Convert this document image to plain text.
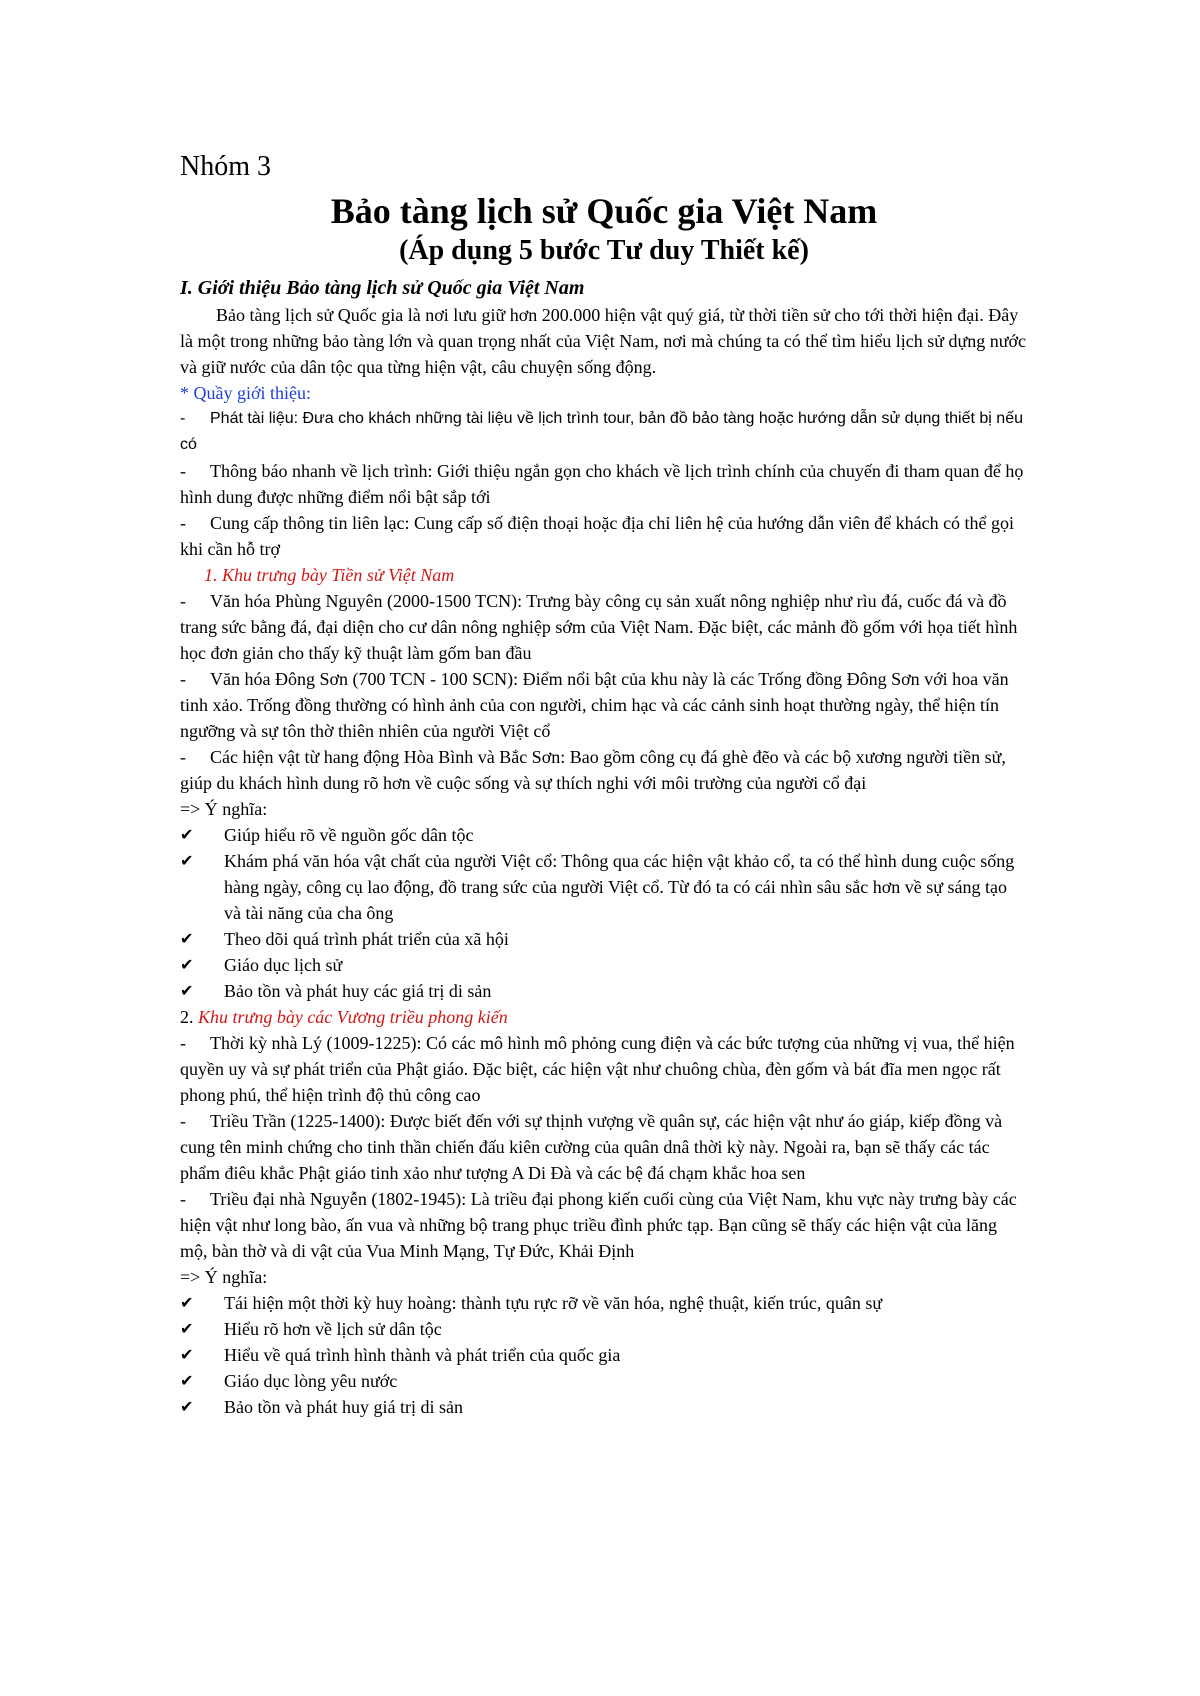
Nhóm 3

Bảo tàng lịch sử Quốc gia Việt Nam
(Áp dụng 5 bước Tư duy Thiết kế)

I. Giới thiệu Bảo tàng lịch sử Quốc gia Việt Nam

Bảo tàng lịch sử Quốc gia là nơi lưu giữ hơn 200.000 hiện vật quý giá, từ thời tiền sử cho tới thời hiện đại. Đây là một trong những bảo tàng lớn và quan trọng nhất của Việt Nam, nơi mà chúng ta có thể tìm hiểu lịch sử dựng nước và giữ nước của dân tộc qua từng hiện vật, câu chuyện sống động.

* Quầy giới thiệu:

- Phát tài liệu: Đưa cho khách những tài liệu về lịch trình tour, bản đồ bảo tàng hoặc hướng dẫn sử dụng thiết bị nếu có

- Thông báo nhanh về lịch trình: Giới thiệu ngắn gọn cho khách về lịch trình chính của chuyến đi tham quan để họ hình dung được những điểm nổi bật sắp tới

- Cung cấp thông tin liên lạc: Cung cấp số điện thoại hoặc địa chỉ liên hệ của hướng dẫn viên để khách có thể gọi khi cần hỗ trợ

1. Khu trưng bày Tiền sử Việt Nam

- Văn hóa Phùng Nguyên (2000-1500 TCN): Trưng bày công cụ sản xuất nông nghiệp như rìu đá, cuốc đá và đồ trang sức bằng đá, đại diện cho cư dân nông nghiệp sớm của Việt Nam. Đặc biệt, các mảnh đồ gốm với họa tiết hình học đơn giản cho thấy kỹ thuật làm gốm ban đầu

- Văn hóa Đông Sơn (700 TCN - 100 SCN): Điểm nổi bật của khu này là các Trống đồng Đông Sơn với hoa văn tinh xảo. Trống đồng thường có hình ảnh của con người, chim hạc và các cảnh sinh hoạt thường ngày, thể hiện tín ngưỡng và sự tôn thờ thiên nhiên của người Việt cổ

- Các hiện vật từ hang động Hòa Bình và Bắc Sơn: Bao gồm công cụ đá ghè đẽo và các bộ xương người tiền sử, giúp du khách hình dung rõ hơn về cuộc sống và sự thích nghi với môi trường của người cổ đại

=> Ý nghĩa:

✔	Giúp hiểu rõ về nguồn gốc dân tộc
✔	Khám phá văn hóa vật chất của người Việt cổ: Thông qua các hiện vật khảo cổ, ta có thể hình dung cuộc sống hàng ngày, công cụ lao động, đồ trang sức của người Việt cổ. Từ đó ta có cái nhìn sâu sắc hơn về sự sáng tạo và tài năng của cha ông
✔	Theo dõi quá trình phát triển của xã hội
✔	Giáo dục lịch sử
✔	Bảo tồn và phát huy các giá trị di sản

2. Khu trưng bày các Vương triều phong kiến

- Thời kỳ nhà Lý (1009-1225): Có các mô hình mô phỏng cung điện và các bức tượng của những vị vua, thể hiện quyền uy và sự phát triển của Phật giáo. Đặc biệt, các hiện vật như chuông chùa, đèn gốm và bát đĩa men ngọc rất phong phú, thể hiện trình độ thủ công cao

- Triều Trần (1225-1400): Được biết đến với sự thịnh vượng về quân sự, các hiện vật như áo giáp, kiếp đồng và cung tên minh chứng cho tinh thần chiến đấu kiên cường của quân dnâ thời kỳ này. Ngoài ra, bạn sẽ thấy các tác phẩm điêu khắc Phật giáo tinh xảo như tượng A Di Đà và các bệ đá chạm khắc hoa sen

- Triều đại nhà Nguyễn (1802-1945): Là triều đại phong kiến cuối cùng của Việt Nam, khu vực này trưng bày các hiện vật như long bào, ấn vua và những bộ trang phục triều đình phức tạp. Bạn cũng sẽ thấy các hiện vật của lăng mộ, bàn thờ và di vật của Vua Minh Mạng, Tự Đức, Khải Định

=> Ý nghĩa:

✔	Tái hiện một thời kỳ huy hoàng: thành tựu rực rỡ về văn hóa, nghệ thuật, kiến trúc, quân sự
✔	Hiểu rõ hơn về lịch sử dân tộc
✔	Hiểu về quá trình hình thành và phát triển của quốc gia
✔	Giáo dục lòng yêu nước
✔	Bảo tồn và phát huy giá trị di sản
